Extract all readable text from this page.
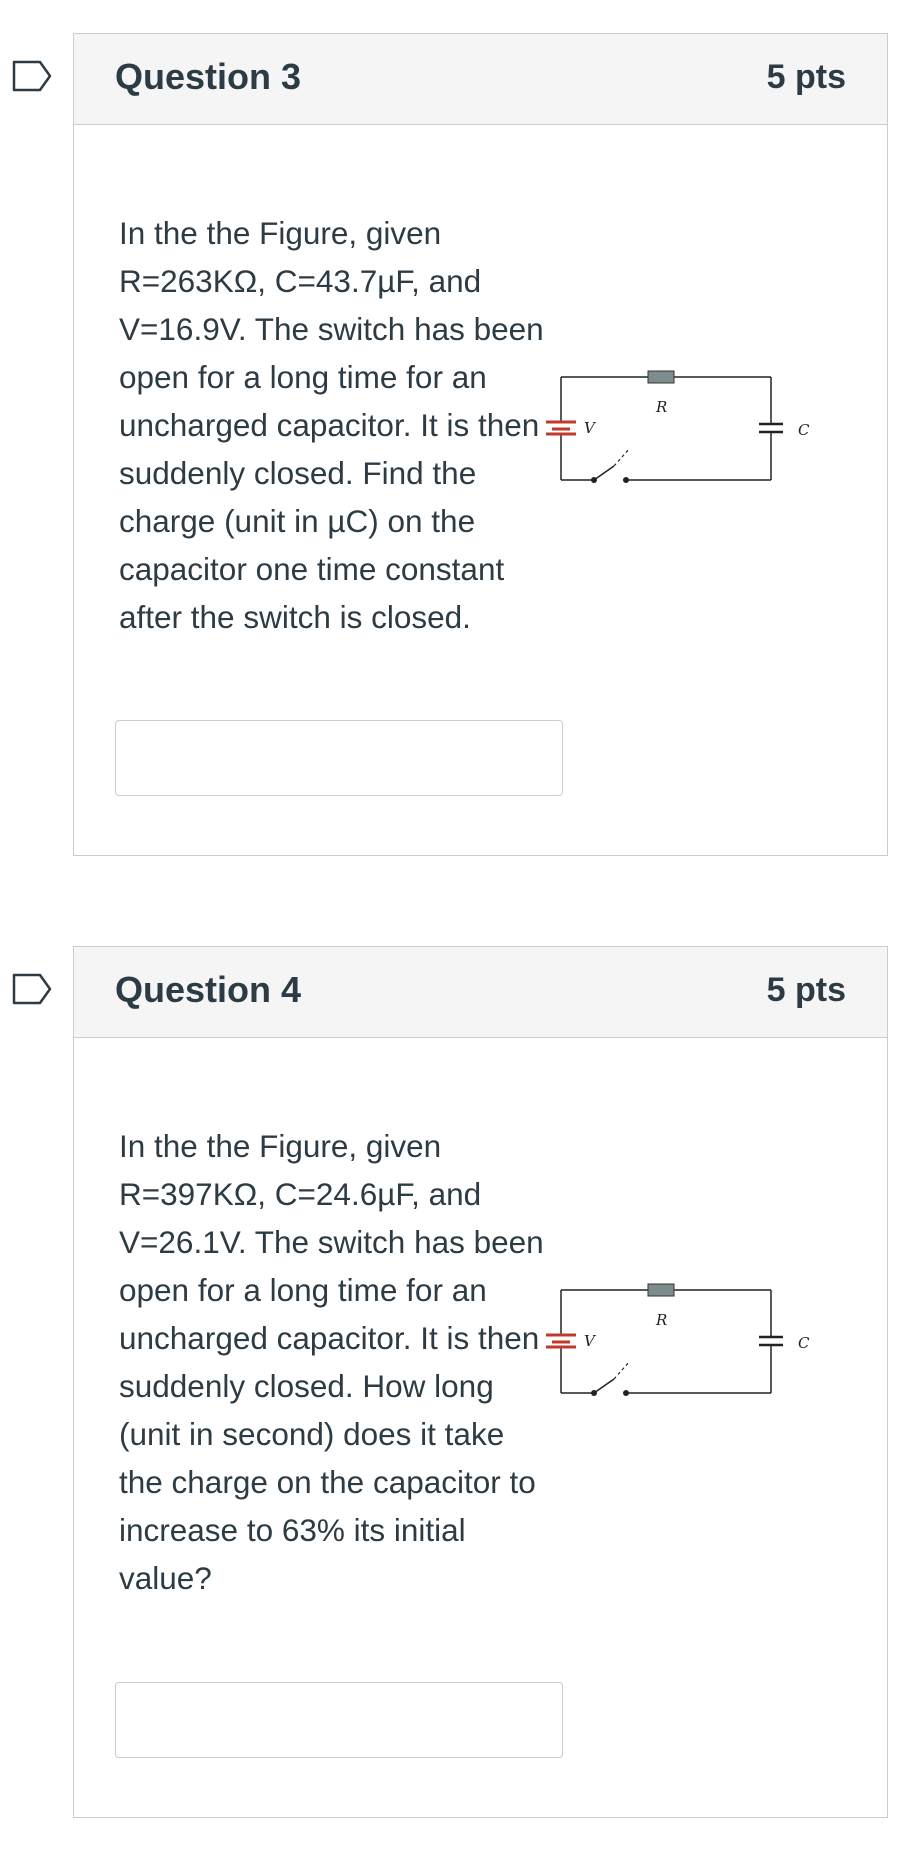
Question 3	5 pts
In the the Figure, given R=263KΩ, C=43.7µF, and V=16.9V. The switch has been open for a long time for an uncharged capacitor. It is then suddenly closed. Find the charge (unit in µC) on the capacitor one time constant after the switch is closed.
R
V	C
Question 4	5 pts
In the the Figure, given R=397KΩ, C=24.6µF, and V=26.1V. The switch has been open for a long time for an uncharged capacitor. It is then suddenly closed. How long (unit in second) does it take the charge on the capacitor to increase to 63% its initial value?
R
V	C
